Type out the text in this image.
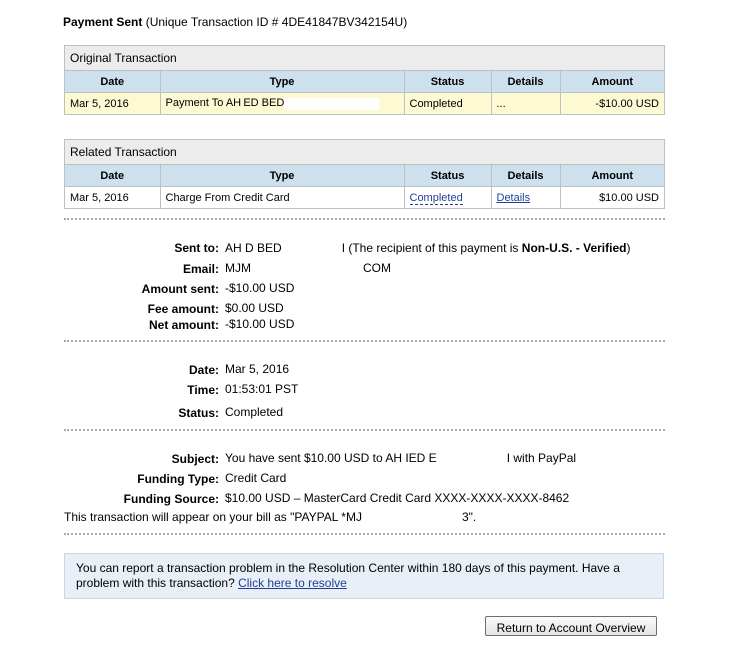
Payment Sent (Unique Transaction ID # 4DE41847BV342154U)
Original Transaction
Date	Type	Status	Details	Amount
Mar 5, 2016	Payment To AH ED BED	Completed	...	-$10.00 USD
Related Transaction
Date	Type	Status	Details	Amount
Mar 5, 2016	Charge From Credit Card	Completed	Details	$10.00 USD
Sent to: AH D BED	I (The recipient of this payment is Non-U.S. - Verified)
Email: MJM	COM
Amount sent: -$10.00 USD
Fee amount: $0.00 USD
Net amount: -$10.00 USD
Date: Mar 5, 2016
Time: 01:53:01 PST
Status: Completed
Subject: You have sent $10.00 USD to AH IED E	I with PayPal
Funding Type: Credit Card
Funding Source: $10.00 USD – MasterCard Credit Card XXXX-XXXX-XXXX-8462
This transaction will appear on your bill as "PAYPAL *MJ	3".
You can report a transaction problem in the Resolution Center within 180 days of this payment. Have a problem with this transaction? Click here to resolve
Return to Account Overview
